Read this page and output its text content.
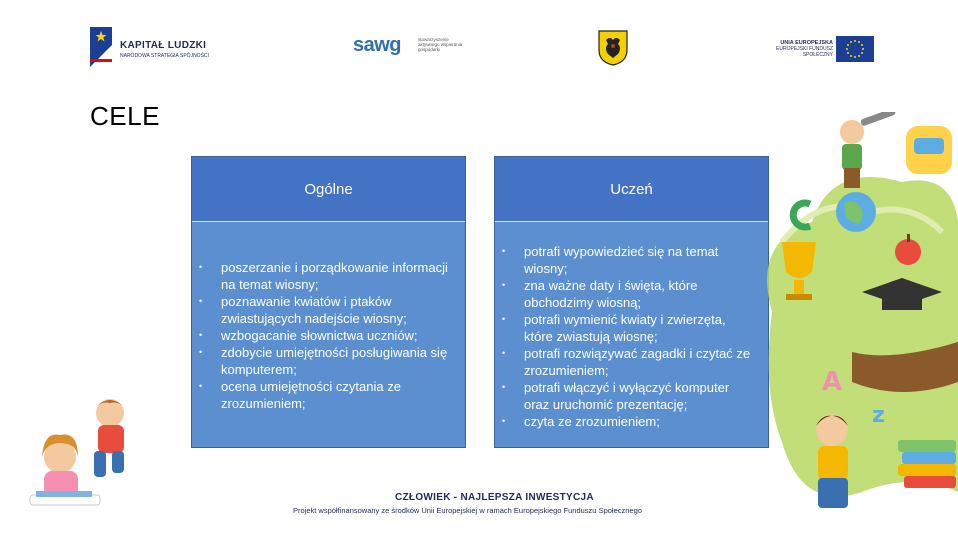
KAPITAŁ LUDZKI
NARODOWA STRATEGIA SPÓJNOŚCI	sawg	stowarzyszenie aktywnego wspierania gospodarki
UNIA EUROPEJSKA
EUROPEJSKI FUNDUSZ SPOŁECZNY
CELE
Ogólne
• poszerzanie i porządkowanie informacji na temat wiosny;
• poznawanie kwiatów i ptaków zwiastujących nadejście wiosny;
• wzbogacanie słownictwa uczniów;
• zdobycie umiejętności posługiwania się komputerem;
• ocena umiejętności czytania ze zrozumieniem;
Uczeń
• potrafi wypowiedzieć się na temat wiosny;
• zna ważne daty i święta, które obchodzimy wiosną;
• potrafi wymienić kwiaty i zwierzęta, które zwiastują wiosnę;
• potrafi rozwiązywać zagadki i czytać ze zrozumieniem;
• potrafi włączyć i wyłączyć komputer oraz uruchomić prezentację;
• czyta ze zrozumieniem;
A
z
CZŁOWIEK - NAJLEPSZA INWESTYCJA
Projekt współfinansowany ze środków Unii Europejskiej w ramach Europejskiego Funduszu Społecznego
